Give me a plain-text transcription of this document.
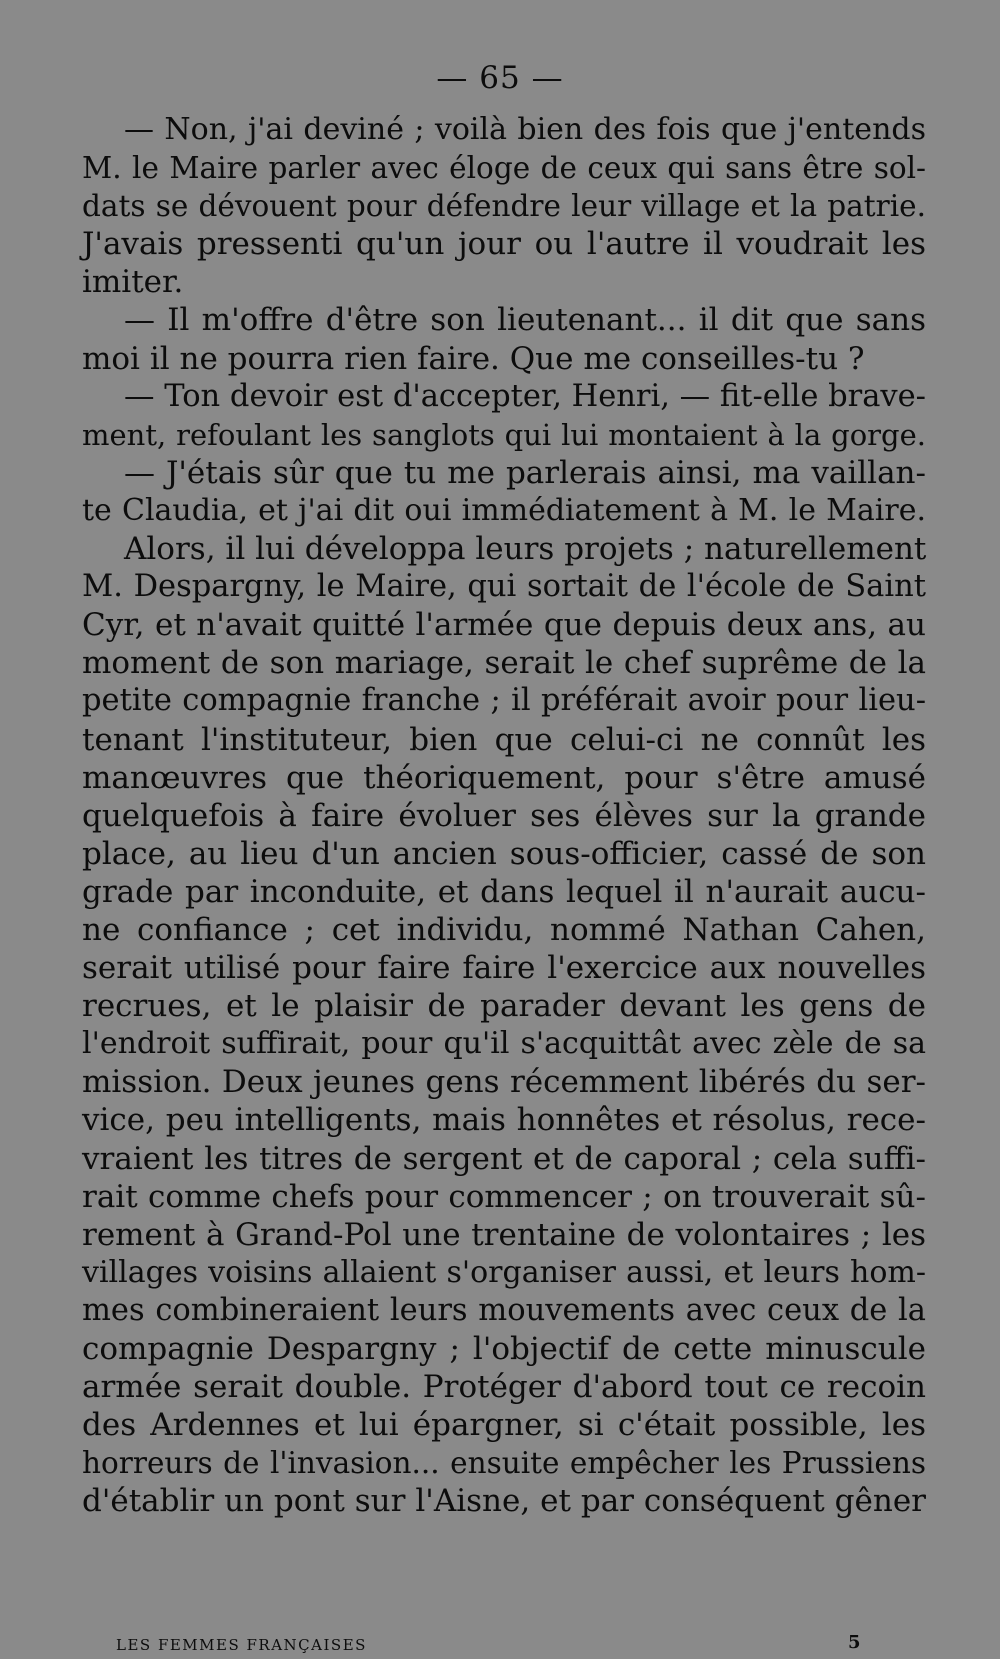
— 65 —
— Non, j'ai deviné ; voilà bien des fois que j'entends
M. le Maire parler avec éloge de ceux qui sans être sol-
dats se dévouent pour défendre leur village et la patrie.
J'avais pressenti qu'un jour ou l'autre il voudrait les
imiter.
— Il m'offre d'être son lieutenant... il dit que sans
moi il ne pourra rien faire. Que me conseilles-tu ?
— Ton devoir est d'accepter, Henri, — fit-elle brave-
ment, refoulant les sanglots qui lui montaient à la gorge.
— J'étais sûr que tu me parlerais ainsi, ma vaillan-
te Claudia, et j'ai dit oui immédiatement à M. le Maire.
Alors, il lui développa leurs projets ; naturellement
M. Despargny, le Maire, qui sortait de l'école de Saint
Cyr, et n'avait quitté l'armée que depuis deux ans, au
moment de son mariage, serait le chef suprême de la
petite compagnie franche ; il préférait avoir pour lieu-
tenant l'instituteur, bien que celui-ci ne connût les
manœuvres que théoriquement, pour s'être amusé
quelquefois à faire évoluer ses élèves sur la grande
place, au lieu d'un ancien sous-officier, cassé de son
grade par inconduite, et dans lequel il n'aurait aucu-
ne confiance ; cet individu, nommé Nathan Cahen,
serait utilisé pour faire faire l'exercice aux nouvelles
recrues, et le plaisir de parader devant les gens de
l'endroit suffirait, pour qu'il s'acquittât avec zèle de sa
mission. Deux jeunes gens récemment libérés du ser-
vice, peu intelligents, mais honnêtes et résolus, rece-
vraient les titres de sergent et de caporal ; cela suffi-
rait comme chefs pour commencer ; on trouverait sû-
rement à Grand-Pol une trentaine de volontaires ; les
villages voisins allaient s'organiser aussi, et leurs hom-
mes combineraient leurs mouvements avec ceux de la
compagnie Despargny ; l'objectif de cette minuscule
armée serait double. Protéger d'abord tout ce recoin
des Ardennes et lui épargner, si c'était possible, les
horreurs de l'invasion... ensuite empêcher les Prussiens
d'établir un pont sur l'Aisne, et par conséquent gêner
LES FEMMES FRANÇAISES	5
